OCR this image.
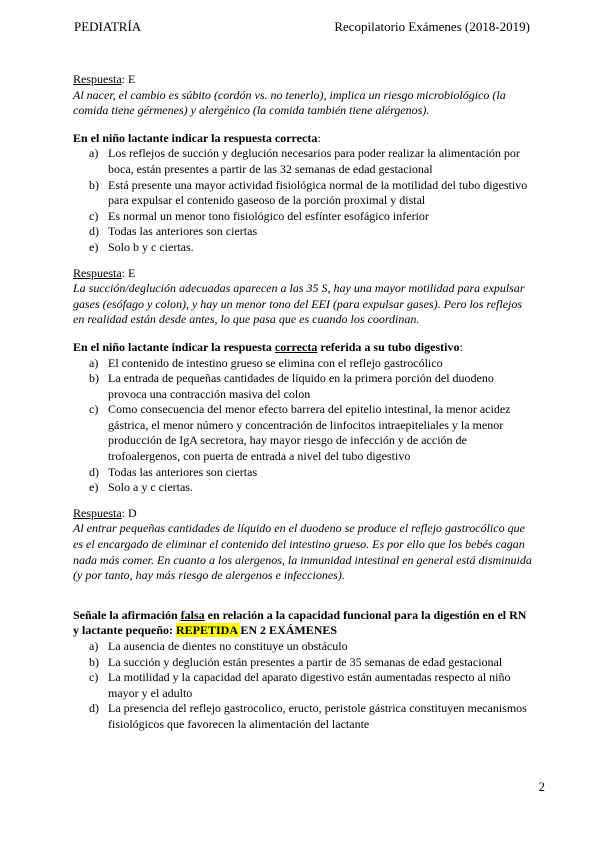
PEDIATRÍA	Recopilatorio Exámenes (2018-2019)

Respuesta: E

Al nacer, el cambio es súbito (cordón vs. no tenerlo), implica un riesgo microbiológico (la comida tiene gérmenes) y alergénico (la comida también tiene alérgenos).

En el niño lactante indicar la respuesta correcta:

a) Los reflejos de succión y deglución necesarios para poder realizar la alimentación por boca, están presentes a partir de las 32 semanas de edad gestacional
b) Está presente una mayor actividad fisiológica normal de la motilidad del tubo digestivo para expulsar el contenido gaseoso de la porción proximal y distal
c) Es normal un menor tono fisiológico del esfínter esofágico inferior
d) Todas las anteriores son ciertas
e) Solo b y c ciertas.

Respuesta: E

La succión/deglución adecuadas aparecen a las 35 S, hay una mayor motilidad para expulsar gases (esófago y colon), y hay un menor tono del EEI (para expulsar gases). Pero los reflejos en realidad están desde antes, lo que pasa que es cuando los coordinan.

En el niño lactante indicar la respuesta correcta referida a su tubo digestivo:

a) El contenido de intestino grueso se elimina con el reflejo gastrocólico
b) La entrada de pequeñas cantidades de líquido en la primera porción del duodeno provoca una contracción masiva del colon
c) Como consecuencia del menor efecto barrera del epitelio intestinal, la menor acidez gástrica, el menor número y concentración de linfocitos intraepiteliales y la menor producción de IgA secretora, hay mayor riesgo de infección y de acción de trofoalergenos, con puerta de entrada a nivel del tubo digestivo
d) Todas las anteriores son ciertas
e) Solo a y c ciertas.

Respuesta: D

Al entrar pequeñas cantidades de líquido en el duodeno se produce el reflejo gastrocólico que es el encargado de eliminar el contenido del intestino grueso. Es por ello que los bebés cagan nada más comer. En cuanto a los alergenos, la inmunidad intestinal en general está disminuida (y por tanto, hay más riesgo de alergenos e infecciones).

Señale la afirmación falsa en relación a la capacidad funcional para la digestión en el RN y lactante pequeño: REPETIDA EN 2 EXÁMENES

a) La ausencia de dientes no constituye un obstáculo
b) La succión y deglución están presentes a partir de 35 semanas de edad gestacional
c) La motilidad y la capacidad del aparato digestivo están aumentadas respecto al niño mayor y el adulto
d) La presencia del reflejo gastrocolico, eructo, peristole gástrica constituyen mecanismos fisiológicos que favorecen la alimentación del lactante
2
